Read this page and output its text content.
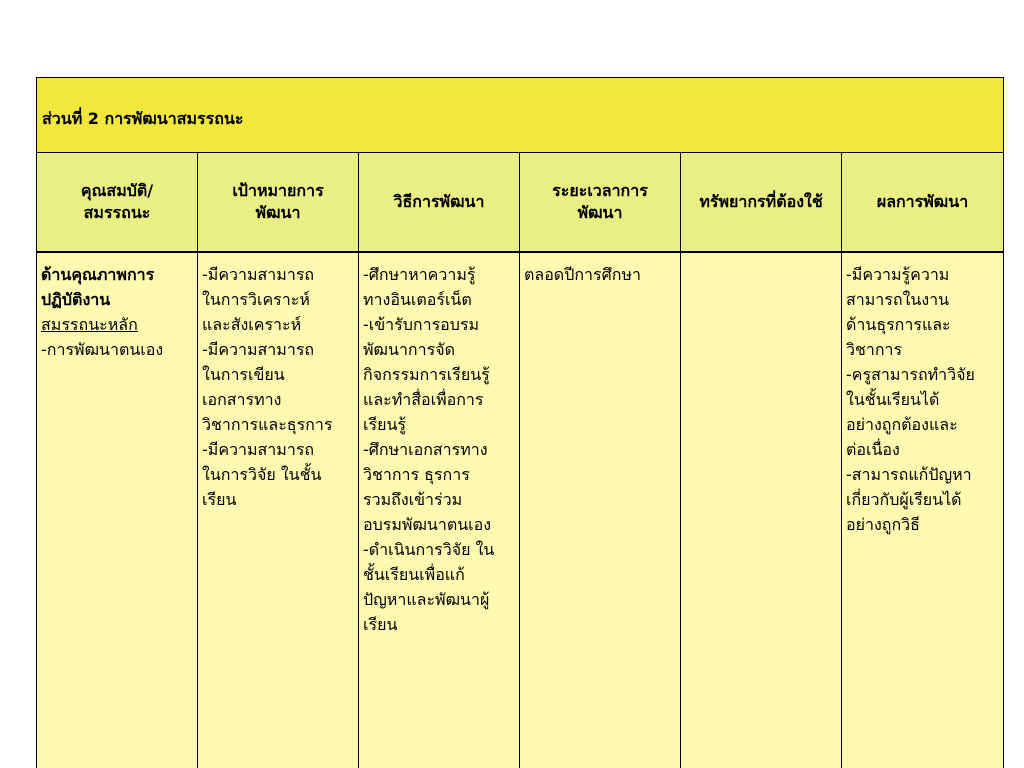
ส่วนที่ 2 การพัฒนาสมรรถนะ
คุณสมบัติ/
สมรรถนะ
เป้าหมายการ
พัฒนา
วิธีการพัฒนา
ระยะเวลาการ
พัฒนา
ทรัพยากรที่ต้องใช้	ผลการพัฒนา
ด้านคุณภาพการ
ปฏิบัติงาน
สมรรถนะหลัก
-การพัฒนาตนเอง
-มีความสามารถ
ในการวิเคราะห์
และสังเคราะห์
-มีความสามารถ
ในการเขียน
เอกสารทาง
วิชาการและธุรการ
-มีความสามารถ
ในการวิจัย ในชั้น
เรียน
-ศึกษาหาความรู้
ทางอินเตอร์เน็ต
-เข้ารับการอบรม
พัฒนาการจัด
กิจกรรมการเรียนรู้
และทำสื่อเพื่อการ
เรียนรู้
-ศึกษาเอกสารทาง
วิชาการ ธุรการ
รวมถึงเข้าร่วม
อบรมพัฒนาตนเอง
-ดำเนินการวิจัย ใน
ชั้นเรียนเพื่อแก้
ปัญหาและพัฒนาผู้
เรียน
ตลอดปีการศึกษา	-มีความรู้ความ
สามารถในงาน
ด้านธุรการและ
วิชาการ
-ครูสามารถทำวิจัย
ในชั้นเรียนได้
อย่างถูกต้องและ
ต่อเนื่อง
-สามารถแก้ปัญหา
เกี่ยวกับผู้เรียนได้
อย่างถูกวิธี
